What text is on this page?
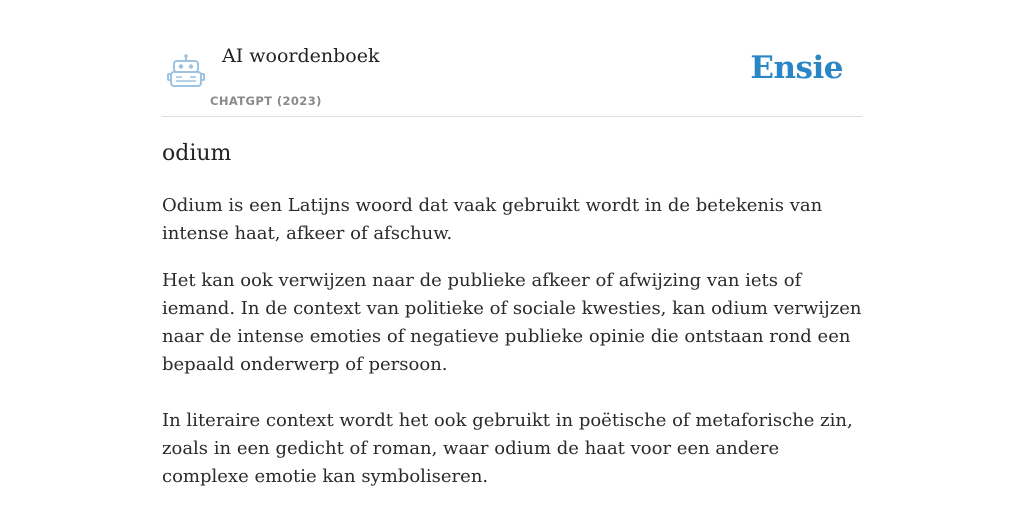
AI woordenboek
CHATGPT (2023)
Ensie
odium

Odium is een Latijns woord dat vaak gebruikt wordt in de betekenis van intense haat, afkeer of afschuw.

Het kan ook verwijzen naar de publieke afkeer of afwijzing van iets of iemand. In de context van politieke of sociale kwesties, kan odium verwijzen naar de intense emoties of negatieve publieke opinie die ontstaan rond een bepaald onderwerp of persoon.

In literaire context wordt het ook gebruikt in poëtische of metaforische zin, zoals in een gedicht of roman, waar odium de haat voor een andere complexe emotie kan symboliseren.
